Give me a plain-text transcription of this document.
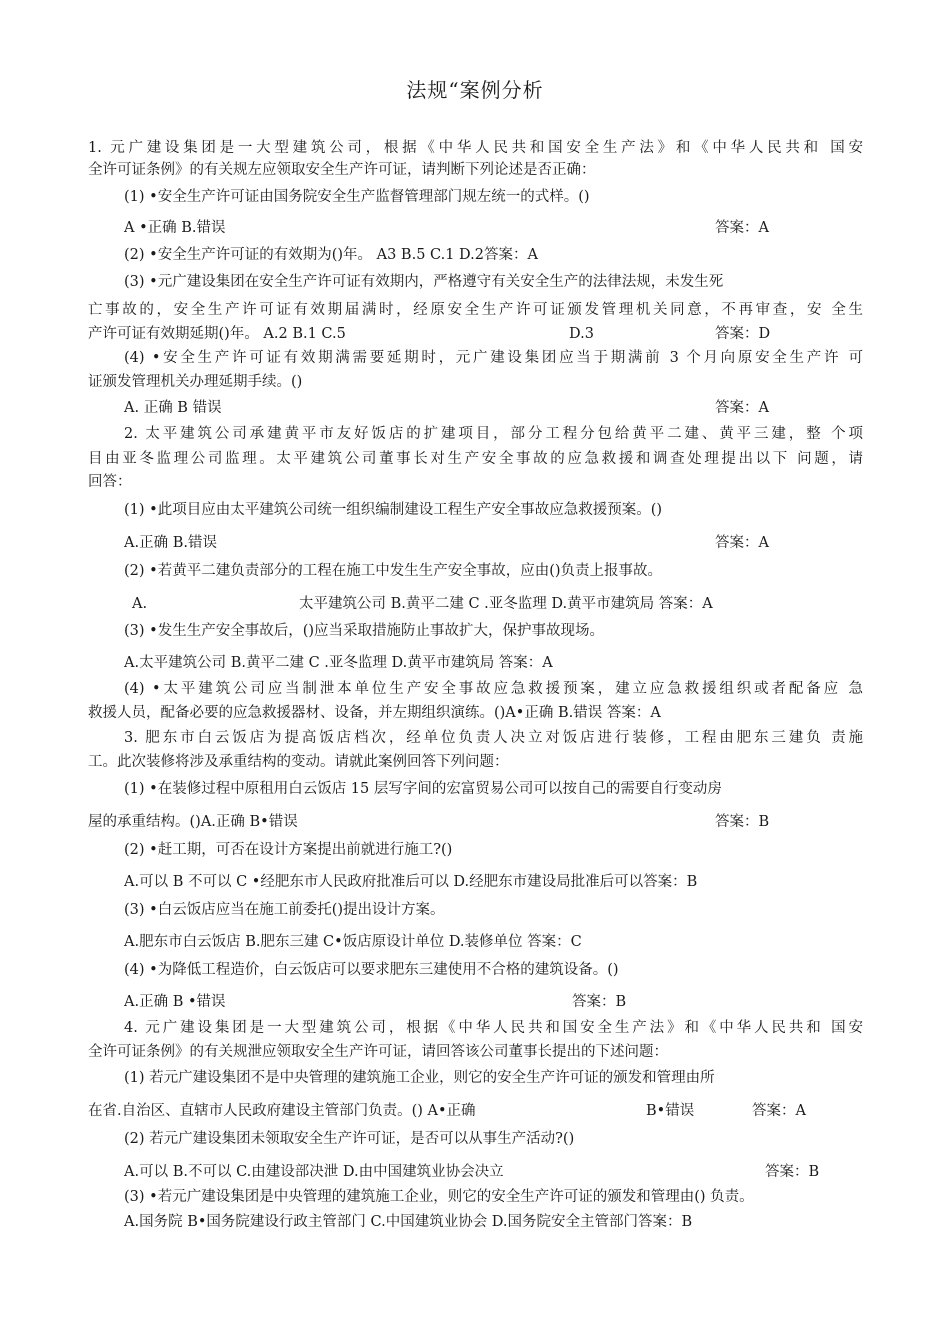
法规“案例分析
1. 元广建设集团是一大型建筑公司，根据《中华人民共和国安全生产法》和《中华人民共和 国安
全许可证条例》的有关规左应领取安全生产许可证，请判断下列论述是否正确：
(1) •安全生产许可证由国务院安全生产监督管理部门规左统一的式样。()
A •正确 B.错误	答案：A
(2) •安全生产许可证的有效期为()年。 A3 B.5 C.1 D.2答案：A
(3) •元广建设集团在安全生产许可证有效期内，严格遵守有关安全生产的法律法规，未发生死
亡事故的，安全生产许可证有效期届满时，经原安全生产许可证颁发管理机关同意，不再审查，安 全生
产许可证有效期延期()年。 A.2 B.1 C.5	D.3	答案：D
(4) •安全生产许可证有效期满需要延期时，元广建设集团应当于期满前 3 个月向原安全生产许 可
证颁发管理机关办理延期手续。()
A. 正确 B 错误	答案：A
2. 太平建筑公司承建黄平市友好饭店的扩建项目，部分工程分包给黄平二建、黄平三建，整 个项
目由亚冬监理公司监理。太平建筑公司董事长对生产安全事故的应急救援和调查处理提出以下 问题，请
回答：
(1) •此项目应由太平建筑公司统一组织编制建设工程生产安全事故应急救援预案。()
A.正确 B.错误	答案：A
(2) •若黄平二建负责部分的工程在施工中发生生产安全事故，应由()负责上报事故。
A.	太平建筑公司 B.黄平二建 C .亚冬监理 D.黄平市建筑局 答案：A
(3) •发生生产安全事故后，()应当采取措施防止事故扩大，保护事故现场。
A.太平建筑公司 B.黄平二建 C .亚冬监理 D.黄平市建筑局 答案：A
(4) •太平建筑公司应当制泄本单位生产安全事故应急救援预案，建立应急救援组织或者配备应 急
救援人员，配备必要的应急救援器材、设备，并左期组织演练。()A•正确 B.错误 答案：A
3. 肥东市白云饭店为提高饭店档次，经单位负责人决立对饭店进行装修，工程由肥东三建负 责施
工。此次装修将涉及承重结构的变动。请就此案例回答下列问题：
(1) •在装修过程中原租用白云饭店 15 层写字间的宏富贸易公司可以按自己的需要自行变动房
屋的承重结构。()A.正确 B•错误	答案：B
(2) •赶工期，可否在设计方案提出前就进行施工?()
A.可以 B 不可以 C •经肥东市人民政府批准后可以 D.经肥东市建设局批准后可以答案：B
(3) •白云饭店应当在施工前委托()提出设计方案。
A.肥东市白云饭店 B.肥东三建 C•饭店原设计单位 D.装修单位 答案：C
(4) •为降低工程造价，白云饭店可以要求肥东三建使用不合格的建筑设备。()
A.正确 B •错误	答案：B
4. 元广建设集团是一大型建筑公司，根据《中华人民共和国安全生产法》和《中华人民共和 国安
全许可证条例》的有关规泄应领取安全生产许可证，请回答该公司董事长提出的下述问题：
(1) 若元广建设集团不是中央管理的建筑施工企业，则它的安全生产许可证的颁发和管理由所
在省.自治区、直辖市人民政府建设主管部门负责。() A•正确	B•错误	答案：A
(2) 若元广建设集团未领取安全生产许可证，是否可以从事生产活动?()
A.可以 B.不可以 C.由建设部决泄 D.由中国建筑业协会决立	答案：B
(3) •若元广建设集团是中央管理的建筑施工企业，则它的安全生产许可证的颁发和管理由() 负责。
A.国务院 B•国务院建设行政主管部门 C.中国建筑业协会 D.国务院安全主管部门答案：B
